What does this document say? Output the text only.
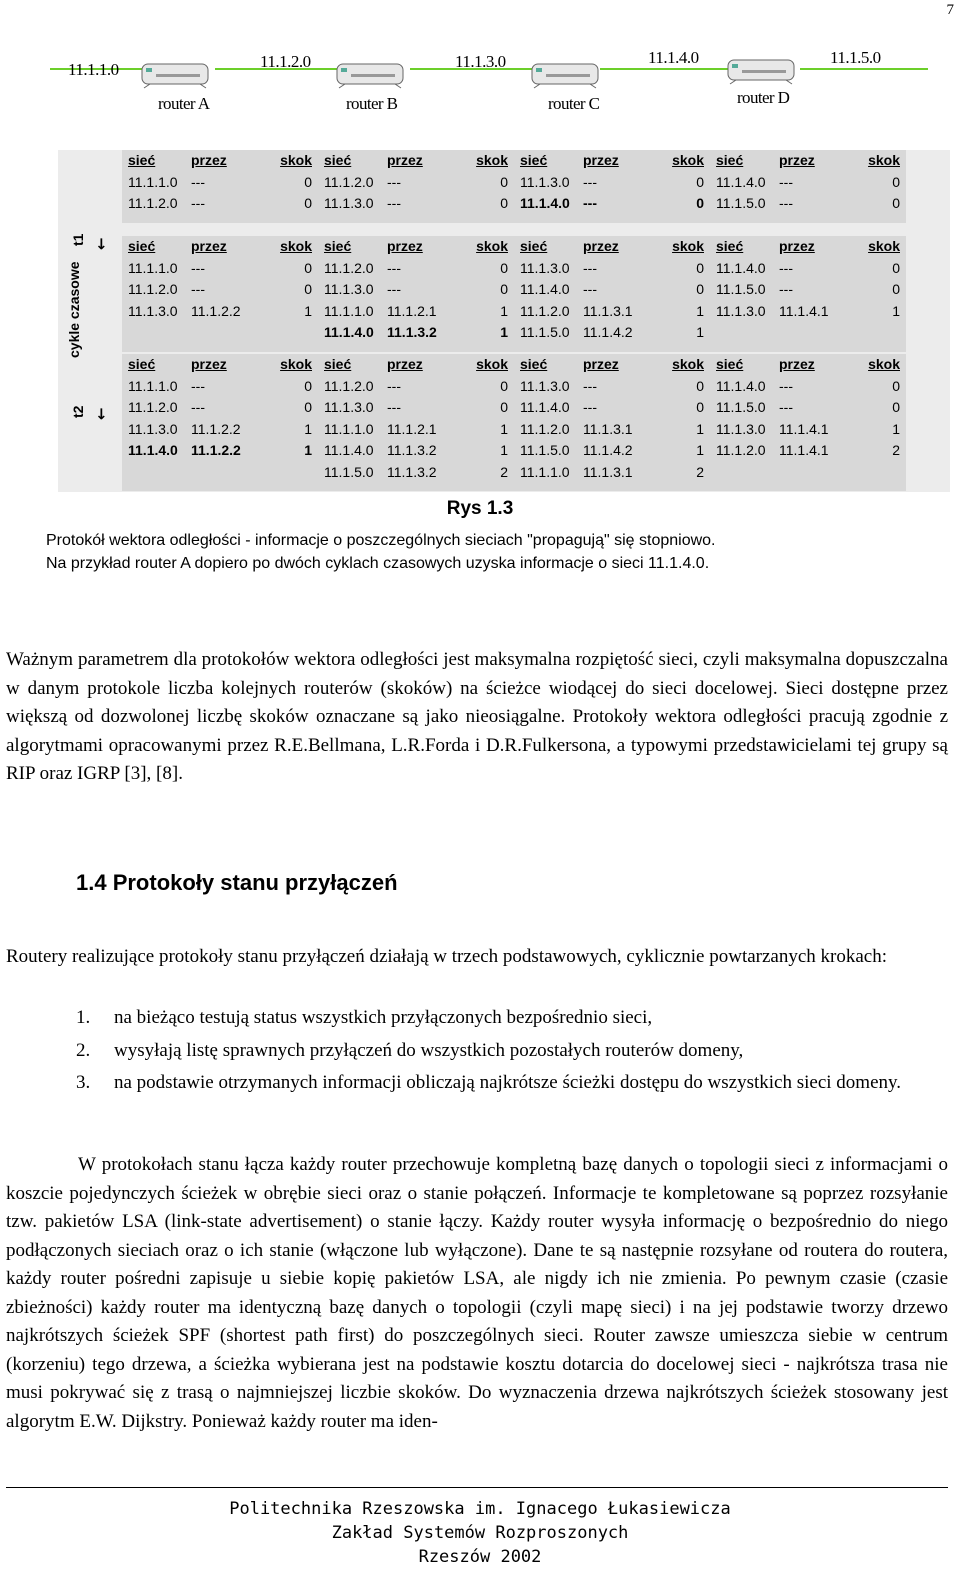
7
11.1.1.0	11.1.2.0	11.1.3.0	11.1.4.0	11.1.5.0
router A	router B	router C	router D
cykle czasowe
t1 ←
t2 ←
sieć	przez	skok
11.1.1.0 ---	0
11.1.2.0 ---	0
sieć	przez	skok
11.1.2.0 ---	0
11.1.3.0 ---	0
sieć	przez	skok
11.1.3.0 ---	0
11.1.4.0 ---	0
sieć	przez	skok
11.1.4.0 ---	0
11.1.5.0 ---	0
sieć	przez	skok
11.1.1.0 ---	0
11.1.2.0 ---	0
11.1.3.0 11.1.2.2	1
sieć	przez	skok
11.1.2.0 ---	0
11.1.3.0 ---	0
11.1.1.0 11.1.2.1	1
11.1.4.0 11.1.3.2	1
sieć	przez	skok
11.1.3.0 ---	0
11.1.4.0 ---	0
11.1.2.0 11.1.3.1	1
11.1.5.0 11.1.4.2	1
sieć	przez	skok
11.1.4.0 ---	0
11.1.5.0 ---	0
11.1.3.0 11.1.4.1	1
sieć	przez	skok
11.1.1.0 ---	0
11.1.2.0 ---	0
11.1.3.0 11.1.2.2	1
11.1.4.0 11.1.2.2	1
sieć	przez	skok
11.1.2.0 ---	0
11.1.3.0 ---	0
11.1.1.0 11.1.2.1	1
11.1.4.0 11.1.3.2	1
11.1.5.0 11.1.3.2	2
sieć	przez	skok
11.1.3.0 ---	0
11.1.4.0 ---	0
11.1.2.0 11.1.3.1	1
11.1.5.0 11.1.4.2	1
11.1.1.0 11.1.3.1	2
sieć	przez	skok
11.1.4.0 ---	0
11.1.5.0 ---	0
11.1.3.0 11.1.4.1	1
11.1.2.0 11.1.4.1	2
Rys 1.3
Protokół wektora odległości - informacje o poszczególnych sieciach "propagują" się stopniowo.
Na przykład router A dopiero po dwóch cyklach czasowych uzyska informacje o sieci 11.1.4.0.
Ważnym parametrem dla protokołów wektora odległości jest maksymalna rozpiętość sieci, czyli maksymalna dopuszczalna w danym protokole liczba kolejnych routerów (skoków) na ścieżce wiodącej do sieci docelowej. Sieci dostępne przez większą od dozwolonej liczbę skoków oznaczane są jako nieosiągalne. Protokoły wektora odległości pracują zgodnie z algorytmami opracowanymi przez R.E.Bellmana, L.R.Forda i D.R.Fulkersona, a typowymi przedstawicielami tej grupy są RIP oraz IGRP [3], [8].
1.4 Protokoły stanu przyłączeń
Routery realizujące protokoły stanu przyłączeń działają w trzech podstawowych, cyklicznie powtarzanych krokach:
1. na bieżąco testują status wszystkich przyłączonych bezpośrednio sieci,
2. wysyłają listę sprawnych przyłączeń do wszystkich pozostałych routerów domeny,
3. na podstawie otrzymanych informacji obliczają najkrótsze ścieżki dostępu do wszystkich sieci domeny.
W protokołach stanu łącza każdy router przechowuje kompletną bazę danych o topologii sieci z informacjami o koszcie pojedynczych ścieżek w obrębie sieci oraz o stanie połączeń. Informacje te kompletowane są poprzez rozsyłanie tzw. pakietów LSA (link-state advertisement) o stanie łączy. Każdy router wysyła informację o bezpośrednio do niego podłączonych sieciach oraz o ich stanie (włączone lub wyłączone). Dane te są następnie rozsyłane od routera do routera, każdy router pośredni zapisuje u siebie kopię pakietów LSA, ale nigdy ich nie zmienia. Po pewnym czasie (czasie zbieżności) każdy router ma identyczną bazę danych o topologii (czyli mapę sieci) i na jej podstawie tworzy drzewo najkrótszych ścieżek SPF (shortest path first) do poszczególnych sieci. Router zawsze umieszcza siebie w centrum (korzeniu) tego drzewa, a ścieżka wybierana jest na podstawie kosztu dotarcia do docelowej sieci - najkrótsza trasa nie musi pokrywać się z trasą o najmniejszej liczbie skoków. Do wyznaczenia drzewa najkrótszych ścieżek stosowany jest algorytm E.W. Dijkstry. Ponieważ każdy router ma iden-
Politechnika Rzeszowska im. Ignacego Łukasiewicza
Zakład Systemów Rozproszonych
Rzeszów 2002
